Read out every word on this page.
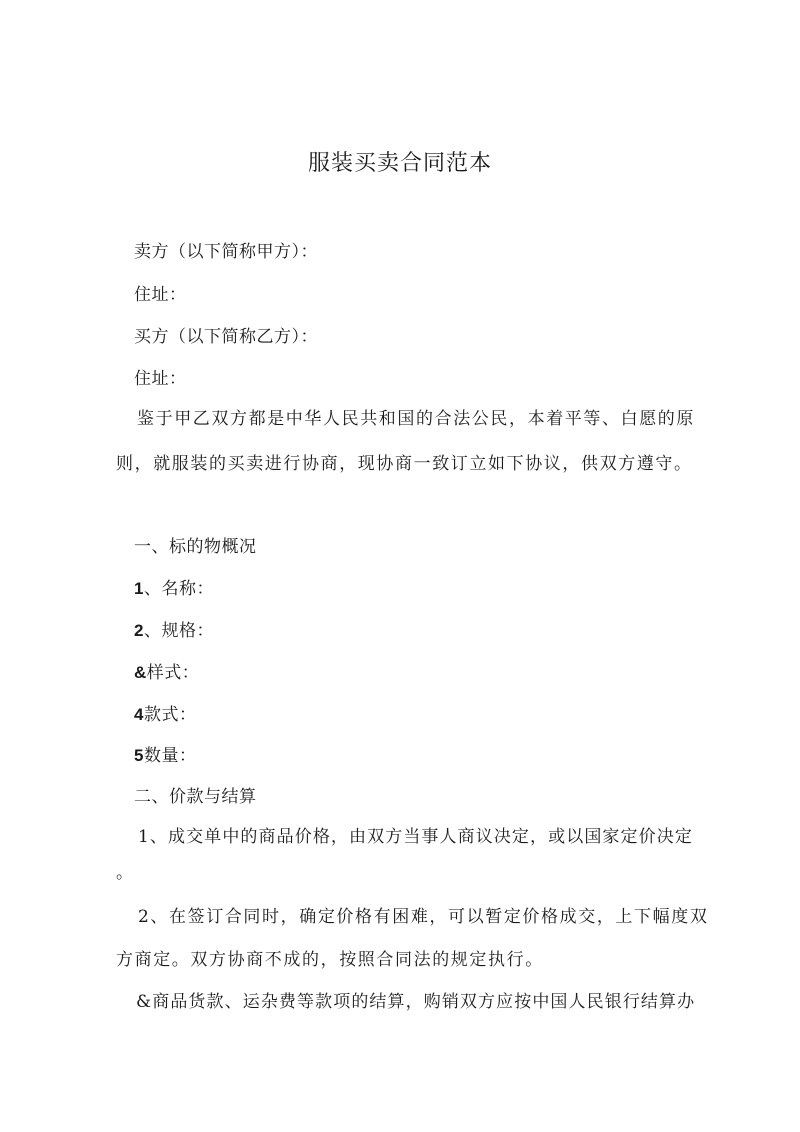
服装买卖合同范本
卖方（以下简称甲方）：
住址：
买方（以下简称乙方）：
住址：
鉴于甲乙双方都是中华人民共和国的合法公民，本着平等、白愿的原
则，就服装的买卖进行协商，现协商一致订立如下协议，供双方遵守。
一、标的物概况
1、名称：
2、规格：
&样式：
4款式：
5数量：
二、价款与结算
1、成交单中的商品价格，由双方当事人商议决定，或以国家定价决定
。
2、在签订合同时，确定价格有困难，可以暂定价格成交，上下幅度双
方商定。双方协商不成的，按照合同法的规定执行。
&商品货款、运杂费等款项的结算，购销双方应按中国人民银行结算办
